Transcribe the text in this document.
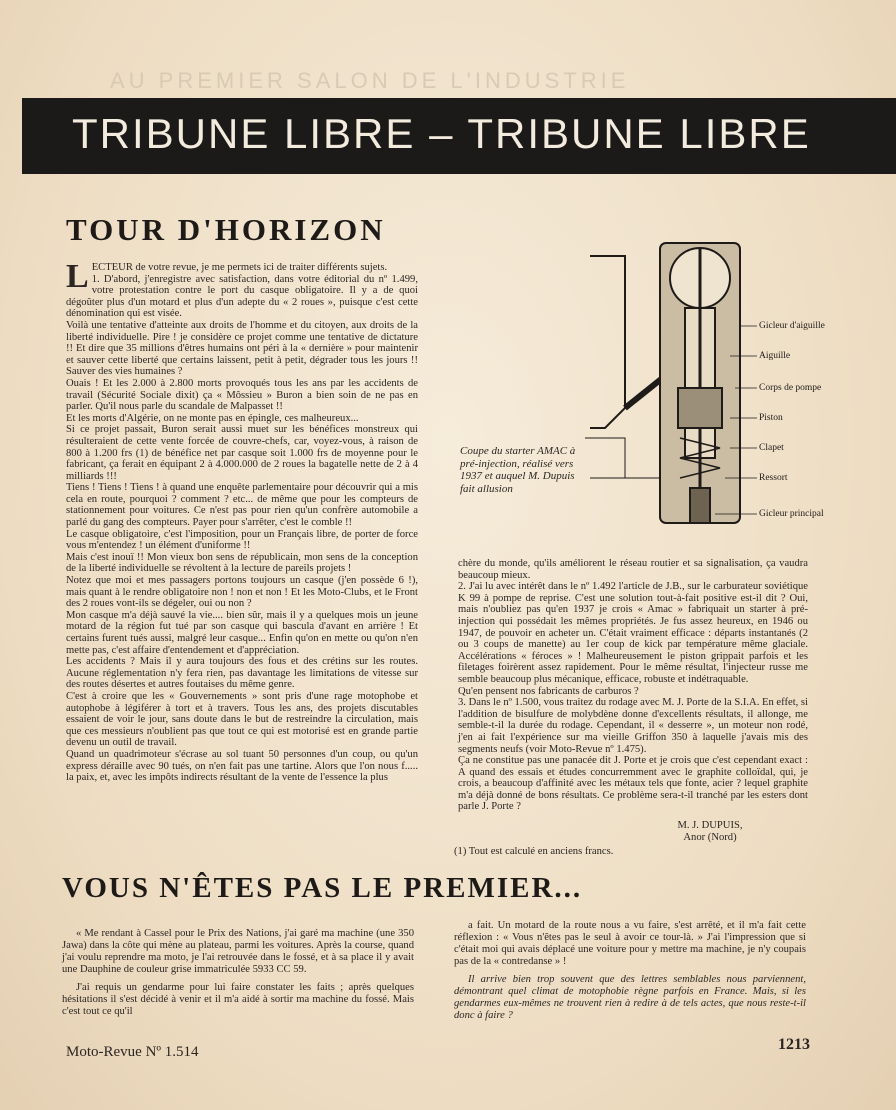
AU PREMIER SALON DE L'INDUSTRIE
TRIBUNE LIBRE – TRIBUNE LIBRE
TOUR D'HORIZON
LECTEUR de votre revue, je me permets ici de traiter différents sujets.
1. D'abord, j'enregistre avec satisfaction, dans votre éditorial du nº 1.499, votre protestation contre le port du casque obligatoire. Il y a de quoi dégoûter plus d'un motard et plus d'un adepte du « 2 roues », puisque c'est cette dénomination qui est visée.
Voilà une tentative d'atteinte aux droits de l'homme et du citoyen, aux droits de la liberté individuelle. Pire ! je considère ce projet comme une tentative de dictature !! Et dire que 35 millions d'êtres humains ont péri à la « dernière » pour maintenir et sauver cette liberté que certains laissent, petit à petit, dégrader tous les jours !! Sauver des vies humaines ?
Ouais ! Et les 2.000 à 2.800 morts provoqués tous les ans par les accidents de travail (Sécurité Sociale dixit) ça « Môssieu » Buron a bien soin de ne pas en parler. Qu'il nous parle du scandale de Malpasset !!
Et les morts d'Algérie, on ne monte pas en épingle, ces malheureux...
Si ce projet passait, Buron serait aussi muet sur les bénéfices monstreux qui résulteraient de cette vente forcée de couvre-chefs, car, voyez-vous, à raison de 800 à 1.200 frs (1) de bénéfice net par casque soit 1.000 frs de moyenne pour le fabricant, ça ferait en équipant 2 à 4.000.000 de 2 roues la bagatelle nette de 2 à 4 milliards !!!
Tiens ! Tiens ! Tiens ! à quand une enquête parlementaire pour découvrir qui a mis cela en route, pourquoi ? comment ? etc... de même que pour les compteurs de stationnement pour voitures. Ce n'est pas pour rien qu'un confrère automobile a parlé du gang des compteurs. Payer pour s'arrêter, c'est le comble !!
Le casque obligatoire, c'est l'imposition, pour un Français libre, de porter de force vous m'entendez ! un élément d'uniforme !!
Mais c'est inouï !! Mon vieux bon sens de républicain, mon sens de la conception de la liberté individuelle se révoltent à la lecture de pareils projets !
Notez que moi et mes passagers portons toujours un casque (j'en possède 6 !), mais quant à le rendre obligatoire non ! non et non ! Et les Moto-Clubs, et le Front des 2 roues vont-ils se dégeler, oui ou non ?
Mon casque m'a déjà sauvé la vie.... bien sûr, mais il y a quelques mois un jeune motard de la région fut tué par son casque qui bascula d'avant en arrière ! Et certains furent tués aussi, malgré leur casque... Enfin qu'on en mette ou qu'on n'en mette pas, c'est affaire d'entendement et d'appréciation.
Les accidents ? Mais il y aura toujours des fous et des crétins sur les routes. Aucune réglementation n'y fera rien, pas davantage les limitations de vitesse sur des routes désertes et autres foutaises du même genre.
C'est à croire que les « Gouvernements » sont pris d'une rage motophobe et autophobe à légiférer à tort et à travers. Tous les ans, des projets discutables essaient de voir le jour, sans doute dans le but de restreindre la circulation, mais que ces messieurs n'oublient pas que tout ce qui est motorisé est en grande partie devenu un outil de travail.
Quand un quadrimoteur s'écrase au sol tuant 50 personnes d'un coup, ou qu'un express déraille avec 90 tués, on n'en fait pas une tartine. Alors que l'on nous f..... la paix, et, avec les impôts indirects résultant de la vente de l'essence la plus
Coupe du starter AMAC à pré-injection, réalisé vers 1937 et auquel M. Dupuis fait allusion
Gicleur d'aiguille
Aiguille
Corps de pompe
Piston
Clapet
Ressort
Gicleur principal
chère du monde, qu'ils améliorent le réseau routier et sa signalisation, ça vaudra beaucoup mieux.
2. J'ai lu avec intérêt dans le nº 1.492 l'article de J.B., sur le carburateur soviétique K 99 à pompe de reprise. C'est une solution tout-à-fait positive est-il dit ? Oui, mais n'oubliez pas qu'en 1937 je crois « Amac » fabriquait un starter à pré-injection qui possédait les mêmes propriétés. Je fus assez heureux, en 1946 ou 1947, de pouvoir en acheter un. C'était vraiment efficace : départs instantanés (2 ou 3 coups de manette) au 1er coup de kick par température même glaciale. Accélérations « féroces » ! Malheureusement le piston grippait parfois et les filetages foirèrent assez rapidement. Pour le même résultat, l'injecteur russe me semble beaucoup plus mécanique, efficace, robuste et indétraquable.
Qu'en pensent nos fabricants de carburos ?
3. Dans le nº 1.500, vous traitez du rodage avec M. J. Porte de la S.I.A. En effet, si l'addition de bisulfure de molybdène donne d'excellents résultats, il allonge, me semble-t-il la durée du rodage. Cependant, il « desserre », un moteur non rodé, j'en ai fait l'expérience sur ma vieille Griffon 350 à laquelle j'avais mis des segments neufs (voir Moto-Revue nº 1.475).
Ça ne constitue pas une panacée dit J. Porte et je crois que c'est cependant exact : A quand des essais et études concurremment avec le graphite colloïdal, qui, je crois, a beaucoup d'affinité avec les métaux tels que fonte, acier ? lequel graphite m'a déjà donné de bons résultats. Ce problème sera-t-il tranché par les esters dont parle J. Porte ?
M. J. DUPUIS,
Anor (Nord)
(1) Tout est calculé en anciens francs.
VOUS N'ÊTES PAS LE PREMIER...

« Me rendant à Cassel pour le Prix des Nations, j'ai garé ma machine (une 350 Jawa) dans la côte qui mène au plateau, parmi les voitures. Après la course, quand j'ai voulu reprendre ma moto, je l'ai retrouvée dans le fossé, et à sa place il y avait une Dauphine de couleur grise immatriculée 5933 CC 59.

J'ai requis un gendarme pour lui faire constater les faits ; après quelques hésitations il s'est décidé à venir et il m'a aidé à sortir ma machine du fossé. Mais c'est tout ce qu'il

a fait. Un motard de la route nous a vu faire, s'est arrêté, et il m'a fait cette réflexion : « Vous n'êtes pas le seul à avoir ce tour-là. » J'ai l'impression que si c'était moi qui avais déplacé une voiture pour y mettre ma machine, je n'y coupais pas de la « contredanse » !

Il arrive bien trop souvent que des lettres semblables nous parviennent, démontrant quel climat de motophobie règne parfois en France. Mais, si les gendarmes eux-mêmes ne trouvent rien à redire à de tels actes, que nous reste-t-il donc à faire ?

Moto-Revue Nº 1.514	1213
